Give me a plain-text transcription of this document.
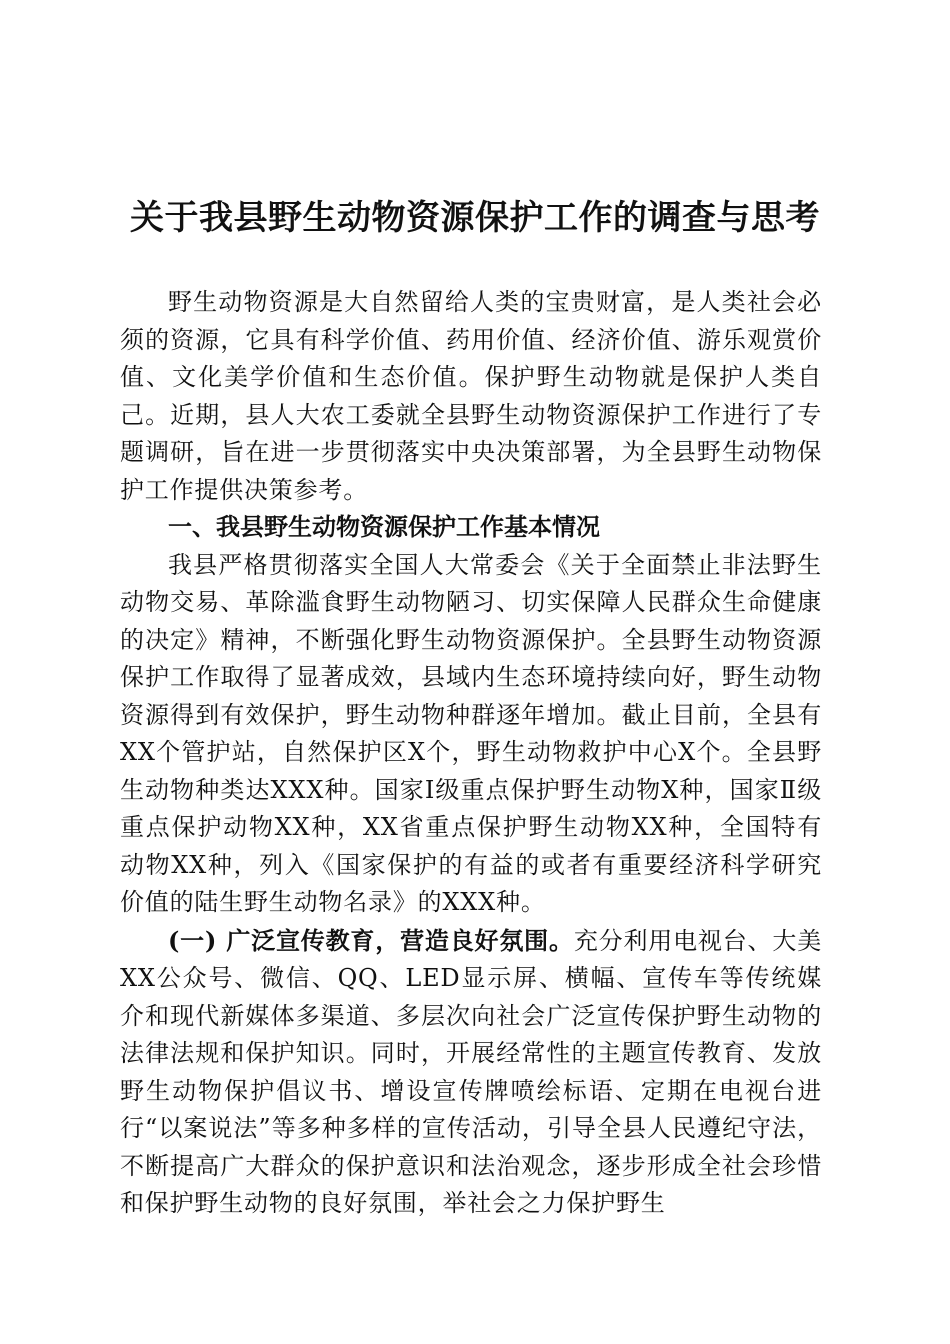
关于我县野生动物资源保护工作的调查与思考

野生动物资源是大自然留给人类的宝贵财富，是人类社会必须的资源，它具有科学价值、药用价值、经济价值、游乐观赏价值、文化美学价值和生态价值。保护野生动物就是保护人类自己。近期，县人大农工委就全县野生动物资源保护工作进行了专题调研，旨在进一步贯彻落实中央决策部署，为全县野生动物保护工作提供决策参考。

一、我县野生动物资源保护工作基本情况

我县严格贯彻落实全国人大常委会《关于全面禁止非法野生动物交易、革除滥食野生动物陋习、切实保障人民群众生命健康的决定》精神，不断强化野生动物资源保护。全县野生动物资源保护工作取得了显著成效，县域内生态环境持续向好，野生动物资源得到有效保护，野生动物种群逐年增加。截止目前，全县有XX个管护站，自然保护区X个，野生动物救护中心X个。全县野生动物种类达XXX种。国家Ⅰ级重点保护野生动物X种，国家Ⅱ级重点保护动物XX种，XX省重点保护野生动物XX种，全国特有动物XX种，列入《国家保护的有益的或者有重要经济科学研究价值的陆生野生动物名录》的XXX种。

(一) 广泛宣传教育，营造良好氛围。充分利用电视台、大美XX公众号、微信、QQ、LED显示屏、横幅、宣传车等传统媒介和现代新媒体多渠道、多层次向社会广泛宣传保护野生动物的法律法规和保护知识。同时，开展经常性的主题宣传教育、发放野生动物保护倡议书、增设宣传牌喷绘标语、定期在电视台进行“以案说法”等多种多样的宣传活动，引导全县人民遵纪守法，不断提高广大群众的保护意识和法治观念，逐步形成全社会珍惜和保护野生动物的良好氛围，举社会之力保护野生
